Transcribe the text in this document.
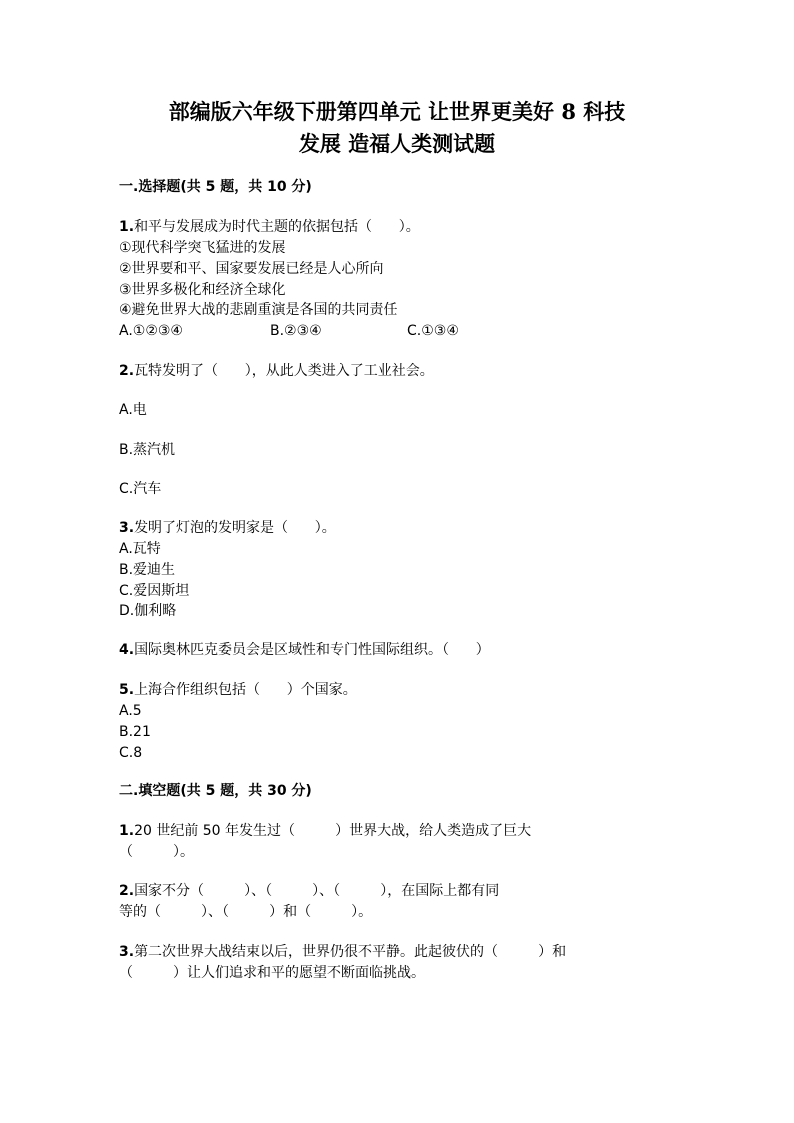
部编版六年级下册第四单元 让世界更美好 8 科技
发展 造福人类测试题
一.选择题(共 5 题，共 10 分)
1.和平与发展成为时代主题的依据包括（      ）。
①现代科学突飞猛进的发展
②世界要和平、国家要发展已经是人心所向
③世界多极化和经济全球化
④避免世界大战的悲剧重演是各国的共同责任
A.①②③④	B.②③④	C.①③④
2.瓦特发明了（      ），从此人类进入了工业社会。
A.电
B.蒸汽机
C.汽车
3.发明了灯泡的发明家是（      ）。
A.瓦特
B.爱迪生
C.爱因斯坦
D.伽利略
4.国际奥林匹克委员会是区域性和专门性国际组织。（      ）
5.上海合作组织包括（      ）个国家。
A.5
B.21
C.8
二.填空题(共 5 题，共 30 分)
1.20 世纪前 50 年发生过（         ）世界大战，给人类造成了巨大
（         ）。
2.国家不分（         ）、（         ）、（         ），在国际上都有同
等的（         ）、（         ）和（         ）。
3.第二次世界大战结束以后，世界仍很不平静。此起彼伏的（         ）和
（         ）让人们追求和平的愿望不断面临挑战。
